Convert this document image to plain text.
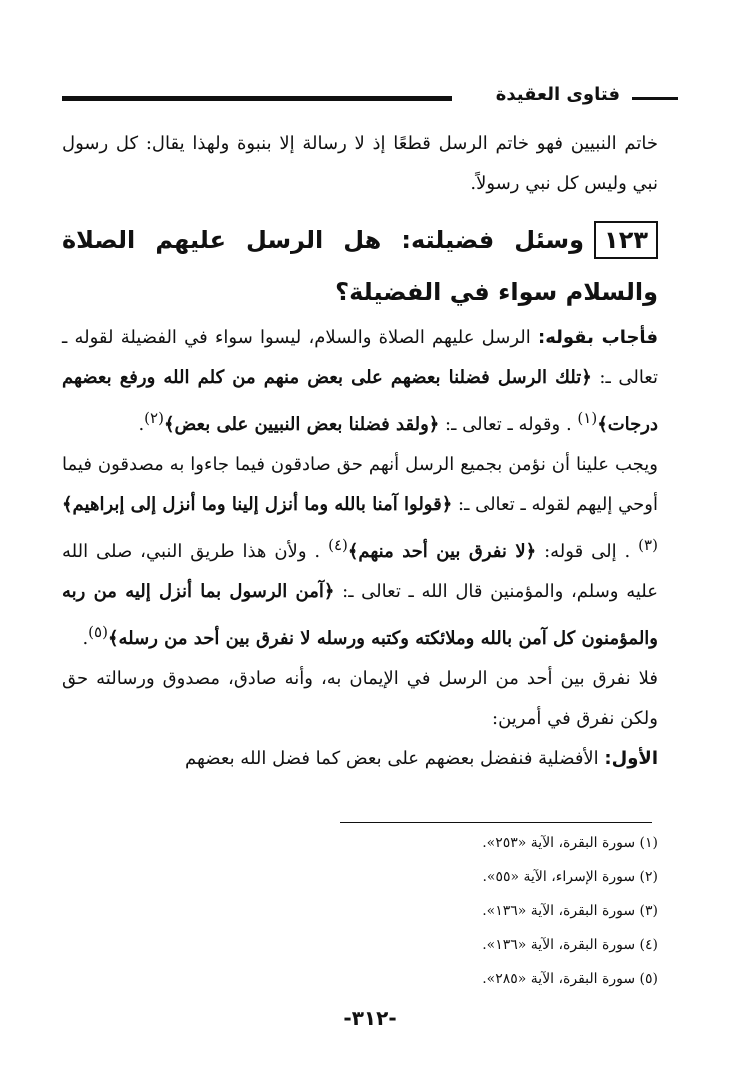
فتاوى العقيدة

خاتم النبيين فهو خاتم الرسل قطعًا إذ لا رسالة إلا بنبوة ولهذا يقال: كل رسول نبي وليس كل نبي رسولاً.

١٢٣وسئل فضيلته: هل الرسل عليهم الصلاة والسلام سواء في الفضيلة؟

فأجاب بقوله: الرسل عليهم الصلاة والسلام، ليسوا سواء في الفضيلة لقوله ـ تعالى ـ: ﴿تلك الرسل فضلنا بعضهم على بعض منهم من كلم الله ورفع بعضهم درجات﴾$^{(١)}$ . وقوله ـ تعالى ـ: ﴿ولقد فضلنا بعض النبيين على بعض﴾$^{(٢)}$.

ويجب علينا أن نؤمن بجميع الرسل أنهم حق صادقون فيما جاءوا به مصدقون فيما أوحي إليهم لقوله ـ تعالى ـ: ﴿قولوا آمنا بالله وما أنزل إلينا وما أنزل إلى إبراهيم﴾$^{(٣)}$ . إلى قوله: ﴿لا نفرق بين أحد منهم﴾$^{(٤)}$ . ولأن هذا طريق النبي، صلى الله عليه وسلم، والمؤمنين قال الله ـ تعالى ـ: ﴿آمن الرسول بما أنزل إليه من ربه والمؤمنون كل آمن بالله وملائكته وكتبه ورسله لا نفرق بين أحد من رسله﴾$^{(٥)}$.

فلا نفرق بين أحد من الرسل في الإيمان به، وأنه صادق، مصدوق ورسالته حق ولكن نفرق في أمرين:

الأول: الأفضلية فنفضل بعضهم على بعض كما فضل الله بعضهم

(١) سورة البقرة، الآية «٢٥٣».
(٢) سورة الإسراء، الآية «٥٥».
(٣) سورة البقرة، الآية «١٣٦».
(٤) سورة البقرة، الآية «١٣٦».
(٥) سورة البقرة، الآية «٢٨٥».
-٣١٢-
